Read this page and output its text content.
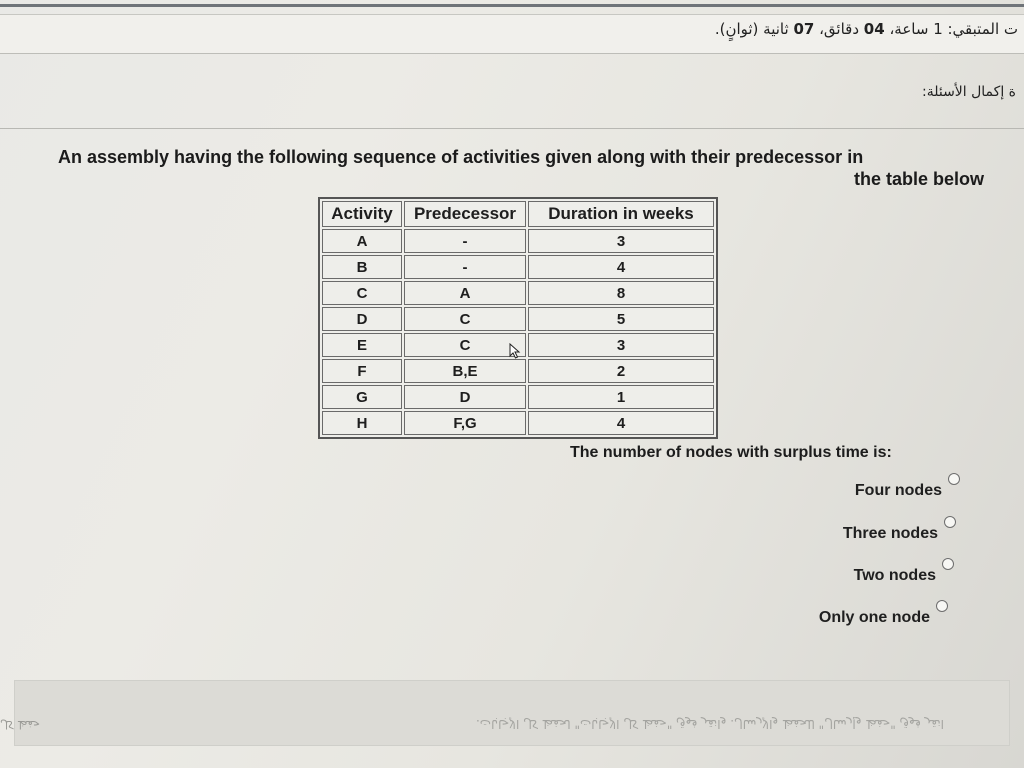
ت المتبقي: 1 ساعة، 04 دقائق، 07 ثانية (ثوانٍ).
ة إكمال الأسئلة:
An assembly having the following sequence of activities given along with their predecessor in
the table below
Activity	Predecessor	Duration in weeks
A	-	3
B	-	4
C	A	8
D	C	5
E	C	3
F	B,E	2
G	D	1
H	F,G	4
The number of nodes with surplus time is:
Four nodes
Three nodes
Two nodes
Only one node
انقر فوق "حفظ وإرسال" للحفظ والإرسال. وانقر فوق "حفظ كل الإجابات" لحفظ كل الإجابات.
حفظ كل
